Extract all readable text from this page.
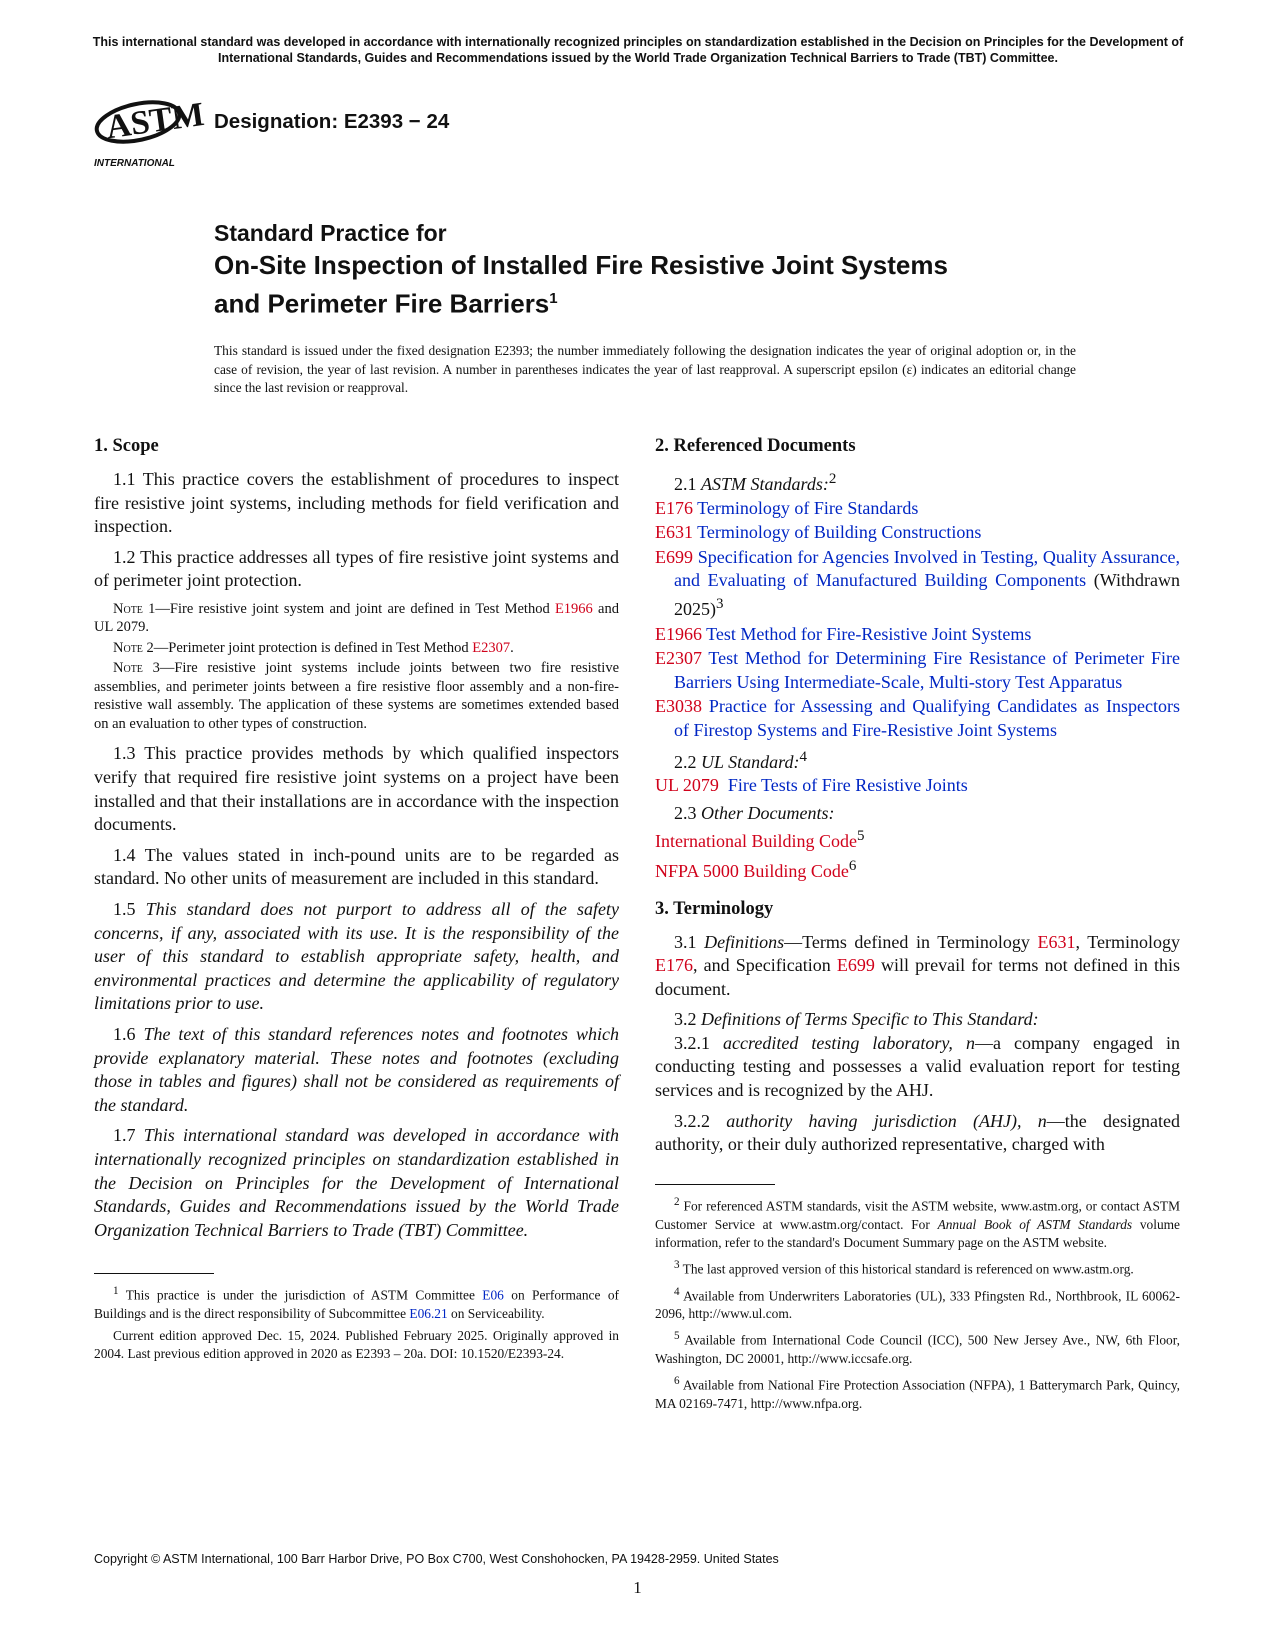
This international standard was developed in accordance with internationally recognized principles on standardization established in the Decision on Principles for the Development of International Standards, Guides and Recommendations issued by the World Trade Organization Technical Barriers to Trade (TBT) Committee.
ASTM
INTERNATIONAL
Designation: E2393 − 24
Standard Practice for
On-Site Inspection of Installed Fire Resistive Joint Systems
and Perimeter Fire Barriers$^1$
This standard is issued under the fixed designation E2393; the number immediately following the designation indicates the year of original adoption or, in the case of revision, the year of last revision. A number in parentheses indicates the year of last reapproval. A superscript epsilon (ε) indicates an editorial change since the last revision or reapproval.
1. Scope

1.1 This practice covers the establishment of procedures to inspect fire resistive joint systems, including methods for field verification and inspection.

1.2 This practice addresses all types of fire resistive joint systems and of perimeter joint protection.

Note 1—Fire resistive joint system and joint are defined in Test Method E1966 and UL 2079.

Note 2—Perimeter joint protection is defined in Test Method E2307.

Note 3—Fire resistive joint systems include joints between two fire resistive assemblies, and perimeter joints between a fire resistive floor assembly and a non-fire-resistive wall assembly. The application of these systems are sometimes extended based on an evaluation to other types of construction.

1.3 This practice provides methods by which qualified inspectors verify that required fire resistive joint systems on a project have been installed and that their installations are in accordance with the inspection documents.

1.4 The values stated in inch-pound units are to be regarded as standard. No other units of measurement are included in this standard.

1.5 This standard does not purport to address all of the safety concerns, if any, associated with its use. It is the responsibility of the user of this standard to establish appropriate safety, health, and environmental practices and determine the applicability of regulatory limitations prior to use.

1.6 The text of this standard references notes and footnotes which provide explanatory material. These notes and footnotes (excluding those in tables and figures) shall not be considered as requirements of the standard.

1.7 This international standard was developed in accordance with internationally recognized principles on standardization established in the Decision on Principles for the Development of International Standards, Guides and Recommendations issued by the World Trade Organization Technical Barriers to Trade (TBT) Committee.

$^1$ This practice is under the jurisdiction of ASTM Committee E06 on Performance of Buildings and is the direct responsibility of Subcommittee E06.21 on Serviceability.

Current edition approved Dec. 15, 2024. Published February 2025. Originally approved in 2004. Last previous edition approved in 2020 as E2393 – 20a. DOI: 10.1520/E2393-24.

2. Referenced Documents

2.1 ASTM Standards:$^2$

E176 Terminology of Fire Standards

E631 Terminology of Building Constructions

E699 Specification for Agencies Involved in Testing, Quality Assurance, and Evaluating of Manufactured Building Components (Withdrawn 2025)$^3$

E1966 Test Method for Fire-Resistive Joint Systems

E2307 Test Method for Determining Fire Resistance of Perimeter Fire Barriers Using Intermediate-Scale, Multi-story Test Apparatus

E3038 Practice for Assessing and Qualifying Candidates as Inspectors of Firestop Systems and Fire-Resistive Joint Systems

2.2 UL Standard:$^4$

UL 2079  Fire Tests of Fire Resistive Joints

2.3 Other Documents:

International Building Code$^5$

NFPA 5000 Building Code$^6$

3. Terminology

3.1 Definitions—Terms defined in Terminology E631, Terminology E176, and Specification E699 will prevail for terms not defined in this document.

3.2 Definitions of Terms Specific to This Standard:

3.2.1 accredited testing laboratory, n—a company engaged in conducting testing and possesses a valid evaluation report for testing services and is recognized by the AHJ.

3.2.2 authority having jurisdiction (AHJ), n—the designated authority, or their duly authorized representative, charged with

$^2$ For referenced ASTM standards, visit the ASTM website, www.astm.org, or contact ASTM Customer Service at www.astm.org/contact. For Annual Book of ASTM Standards volume information, refer to the standard's Document Summary page on the ASTM website.

$^3$ The last approved version of this historical standard is referenced on www.astm.org.

$^4$ Available from Underwriters Laboratories (UL), 333 Pfingsten Rd., Northbrook, IL 60062-2096, http://www.ul.com.

$^5$ Available from International Code Council (ICC), 500 New Jersey Ave., NW, 6th Floor, Washington, DC 20001, http://www.iccsafe.org.

$^6$ Available from National Fire Protection Association (NFPA), 1 Batterymarch Park, Quincy, MA 02169-7471, http://www.nfpa.org.

Copyright © ASTM International, 100 Barr Harbor Drive, PO Box C700, West Conshohocken, PA 19428-2959. United States
1
